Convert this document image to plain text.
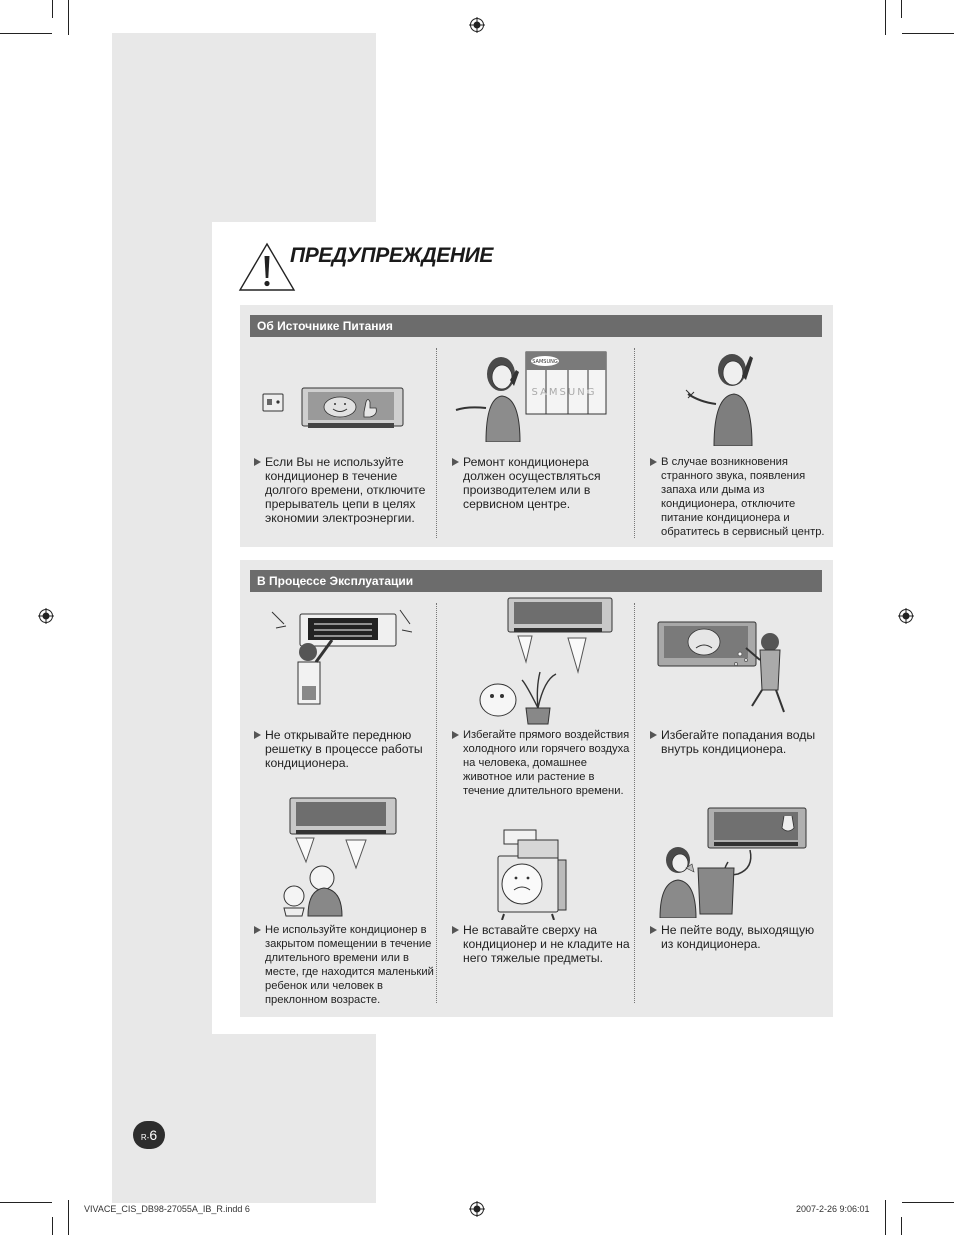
ПРЕДУПРЕЖДЕНИЕ
Об Источнике Питания
SAMSUNG
SAMSUNG
Если Вы не используйте кондиционер в течение долгого времени, отключите прерыватель цепи в целях экономии электроэнергии.
Ремонт кондиционера должен осуществляться производителем или в сервисном центре.
В случае возникновения странного звука, появления запаха или дыма из кондиционера, отключите питание кондиционера и обратитесь в сервисный центр.
В Процессе Эксплуатации
Не открывайте переднюю решетку в процессе работы кондиционера.
Избегайте прямого воздействия холодного или горячего воздуха на человека, домашнее животное или растение в течение длительного времени.
Избегайте попадания воды внутрь кондиционера.
Не используйте кондиционер в закрытом помещении в течение длительного времени или в месте, где находится маленький ребенок или человек в преклонном возрасте.
Не вставайте сверху на кондиционер и не кладите на него тяжелые предметы.
Не пейте воду, выходящую из кондиционера.
R-6
VIVACE_CIS_DB98-27055A_IB_R.indd 6	2007-2-26 9:06:01
